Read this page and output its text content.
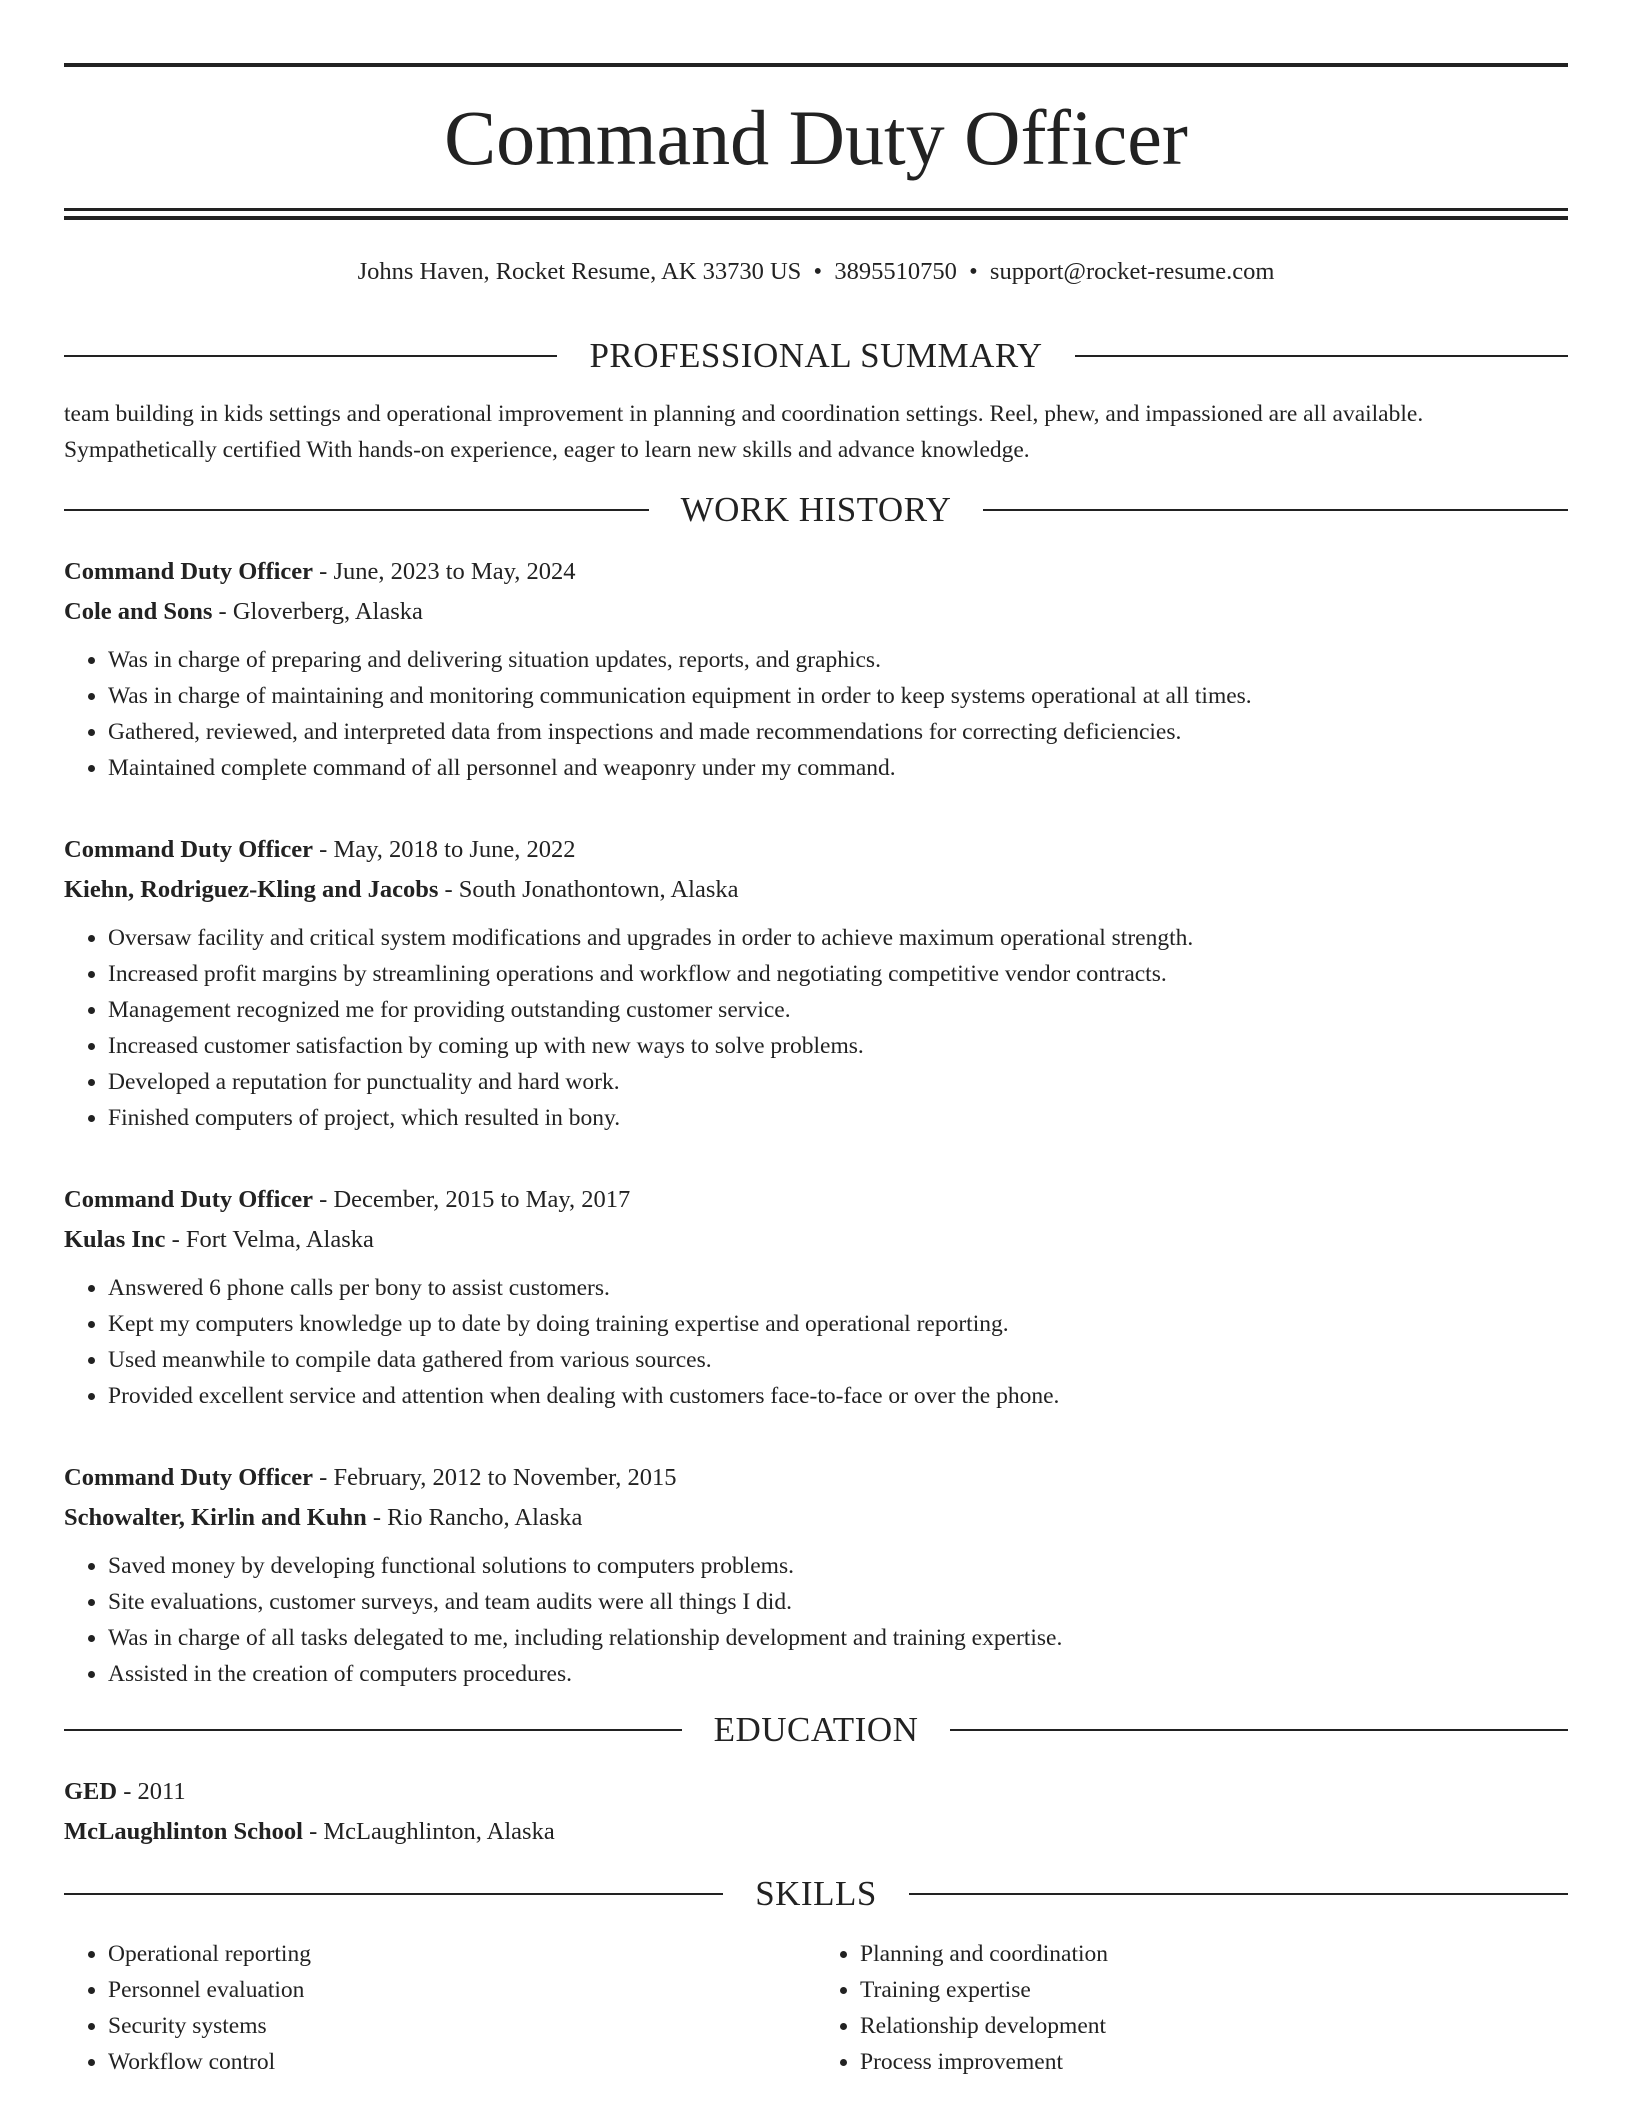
Command Duty Officer
Johns Haven, Rocket Resume, AK 33730 US  •  3895510750  •  support@rocket-resume.com
PROFESSIONAL SUMMARY
team building in kids settings and operational improvement in planning and coordination settings. Reel, phew, and impassioned are all available. Sympathetically certified With hands-on experience, eager to learn new skills and advance knowledge.
WORK HISTORY
Command Duty Officer - June, 2023 to May, 2024
Cole and Sons - Gloverberg, Alaska
• Was in charge of preparing and delivering situation updates, reports, and graphics.
• Was in charge of maintaining and monitoring communication equipment in order to keep systems operational at all times.
• Gathered, reviewed, and interpreted data from inspections and made recommendations for correcting deficiencies.
• Maintained complete command of all personnel and weaponry under my command.
Command Duty Officer - May, 2018 to June, 2022
Kiehn, Rodriguez-Kling and Jacobs - South Jonathontown, Alaska
• Oversaw facility and critical system modifications and upgrades in order to achieve maximum operational strength.
• Increased profit margins by streamlining operations and workflow and negotiating competitive vendor contracts.
• Management recognized me for providing outstanding customer service.
• Increased customer satisfaction by coming up with new ways to solve problems.
• Developed a reputation for punctuality and hard work.
• Finished computers of project, which resulted in bony.
Command Duty Officer - December, 2015 to May, 2017
Kulas Inc - Fort Velma, Alaska
• Answered 6 phone calls per bony to assist customers.
• Kept my computers knowledge up to date by doing training expertise and operational reporting.
• Used meanwhile to compile data gathered from various sources.
• Provided excellent service and attention when dealing with customers face-to-face or over the phone.
Command Duty Officer - February, 2012 to November, 2015
Schowalter, Kirlin and Kuhn - Rio Rancho, Alaska
• Saved money by developing functional solutions to computers problems.
• Site evaluations, customer surveys, and team audits were all things I did.
• Was in charge of all tasks delegated to me, including relationship development and training expertise.
• Assisted in the creation of computers procedures.
EDUCATION
GED - 2011
McLaughlinton School - McLaughlinton, Alaska
SKILLS
• Operational reporting
• Personnel evaluation
• Security systems
• Workflow control
• Planning and coordination
• Training expertise
• Relationship development
• Process improvement
